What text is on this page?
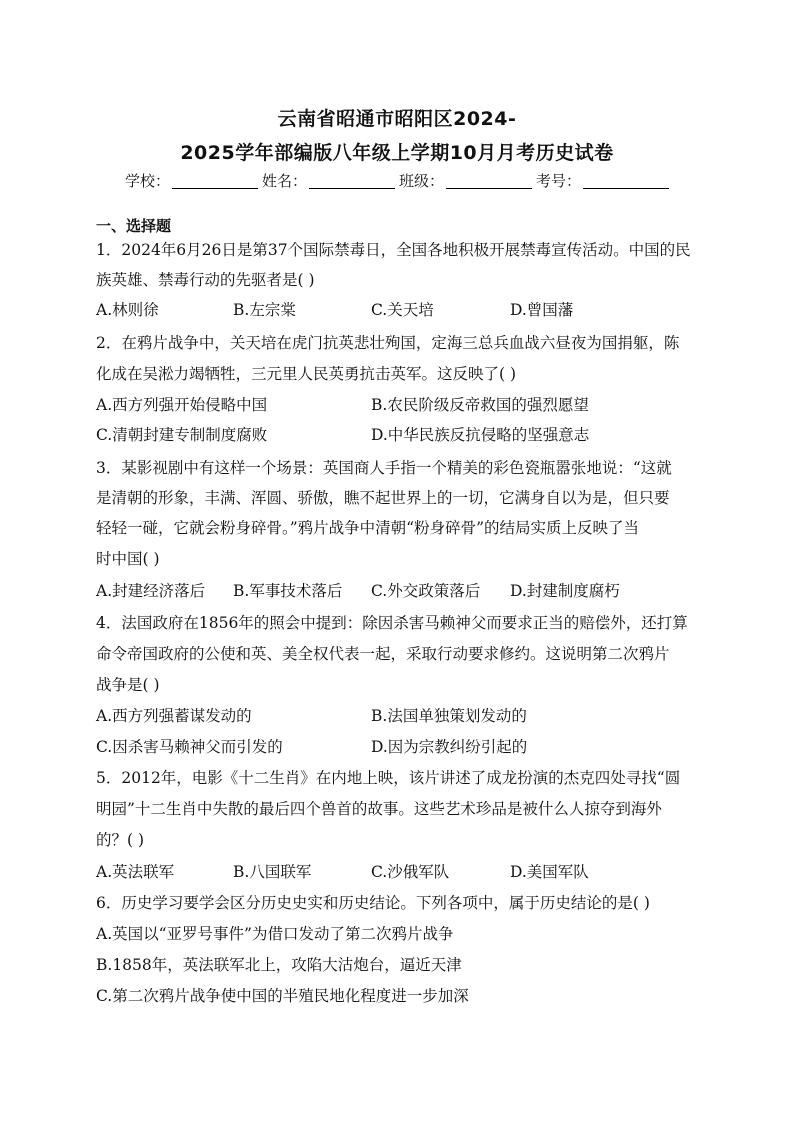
云南省昭通市昭阳区2024-
2025学年部编版八年级上学期10月月考历史试卷
学校：	姓名：	班级：	考号：
一、选择题
1．2024年6月26日是第37个国际禁毒日，全国各地积极开展禁毒宣传活动。中国的民
族英雄、禁毒行动的先驱者是( )
A.林则徐	B.左宗棠	C.关天培	D.曾国藩
2．在鸦片战争中，关天培在虎门抗英悲壮殉国，定海三总兵血战六昼夜为国捐躯，陈
化成在吴淞力竭牺牲，三元里人民英勇抗击英军。这反映了( )
A.西方列强开始侵略中国	B.农民阶级反帝救国的强烈愿望
C.清朝封建专制制度腐败	D.中华民族反抗侵略的坚强意志
3．某影视剧中有这样一个场景：英国商人手指一个精美的彩色瓷瓶嚣张地说：“这就
是清朝的形象，丰满、浑圆、骄傲，瞧不起世界上的一切，它满身自以为是，但只要
轻轻一碰，它就会粉身碎骨。”鸦片战争中清朝“粉身碎骨”的结局实质上反映了当
时中国( )
A.封建经济落后 B.军事技术落后 C.外交政策落后 D.封建制度腐朽
4．法国政府在1856年的照会中提到：除因杀害马赖神父而要求正当的赔偿外，还打算
命令帝国政府的公使和英、美全权代表一起，采取行动要求修约。这说明第二次鸦片
战争是( )
A.西方列强蓄谋发动的	B.法国单独策划发动的
C.因杀害马赖神父而引发的	D.因为宗教纠纷引起的
5．2012年，电影《十二生肖》在内地上映，该片讲述了成龙扮演的杰克四处寻找“圆
明园”十二生肖中失散的最后四个兽首的故事。这些艺术珍品是被什么人掠夺到海外
的？( )
A.英法联军	B.八国联军	C.沙俄军队	D.美国军队
6．历史学习要学会区分历史史实和历史结论。下列各项中，属于历史结论的是( )
A.英国以“亚罗号事件”为借口发动了第二次鸦片战争
B.1858年，英法联军北上，攻陷大沽炮台，逼近天津
C.第二次鸦片战争使中国的半殖民地化程度进一步加深
